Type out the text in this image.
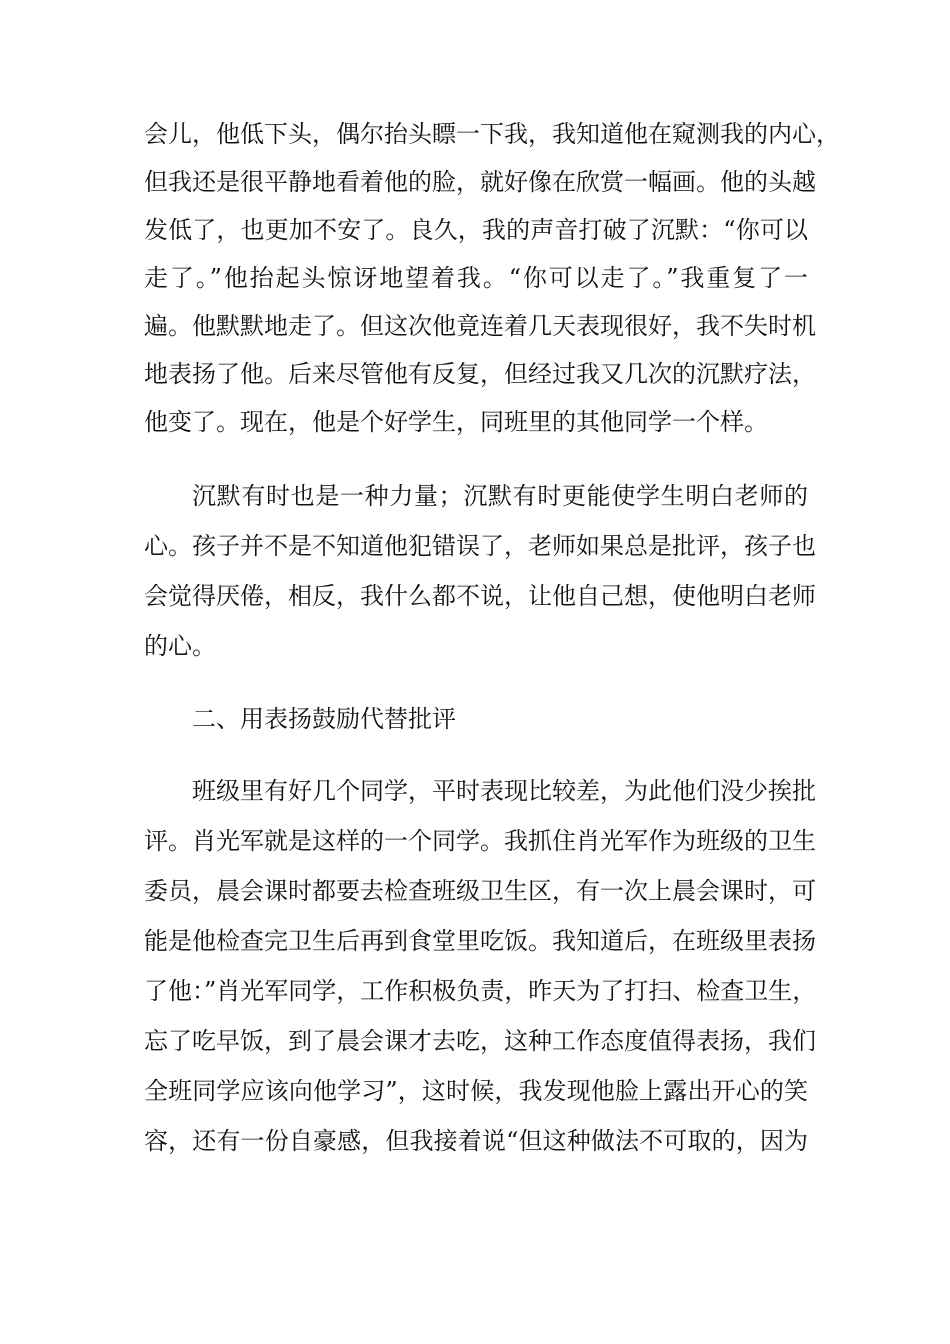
会儿，他低下头，偶尔抬头瞟一下我，我知道他在窥测我的内心，
但我还是很平静地看着他的脸，就好像在欣赏一幅画。他的头越
发低了，也更加不安了。良久，我的声音打破了沉默：“你可以
走了。”他抬起头惊讶地望着我。“你可以走了。”我重复了一
遍。他默默地走了。但这次他竟连着几天表现很好，我不失时机
地表扬了他。后来尽管他有反复，但经过我又几次的沉默疗法，
他变了。现在，他是个好学生，同班里的其他同学一个样。
沉默有时也是一种力量；沉默有时更能使学生明白老师的
心。孩子并不是不知道他犯错误了，老师如果总是批评，孩子也
会觉得厌倦，相反，我什么都不说，让他自己想，使他明白老师
的心。
二、用表扬鼓励代替批评
班级里有好几个同学，平时表现比较差，为此他们没少挨批
评。肖光军就是这样的一个同学。我抓住肖光军作为班级的卫生
委员，晨会课时都要去检查班级卫生区，有一次上晨会课时，可
能是他检查完卫生后再到食堂里吃饭。我知道后，在班级里表扬
了他：”肖光军同学，工作积极负责，昨天为了打扫、检查卫生，
忘了吃早饭，到了晨会课才去吃，这种工作态度值得表扬，我们
全班同学应该向他学习”，这时候，我发现他脸上露出开心的笑
容，还有一份自豪感，但我接着说“但这种做法不可取的，因为
